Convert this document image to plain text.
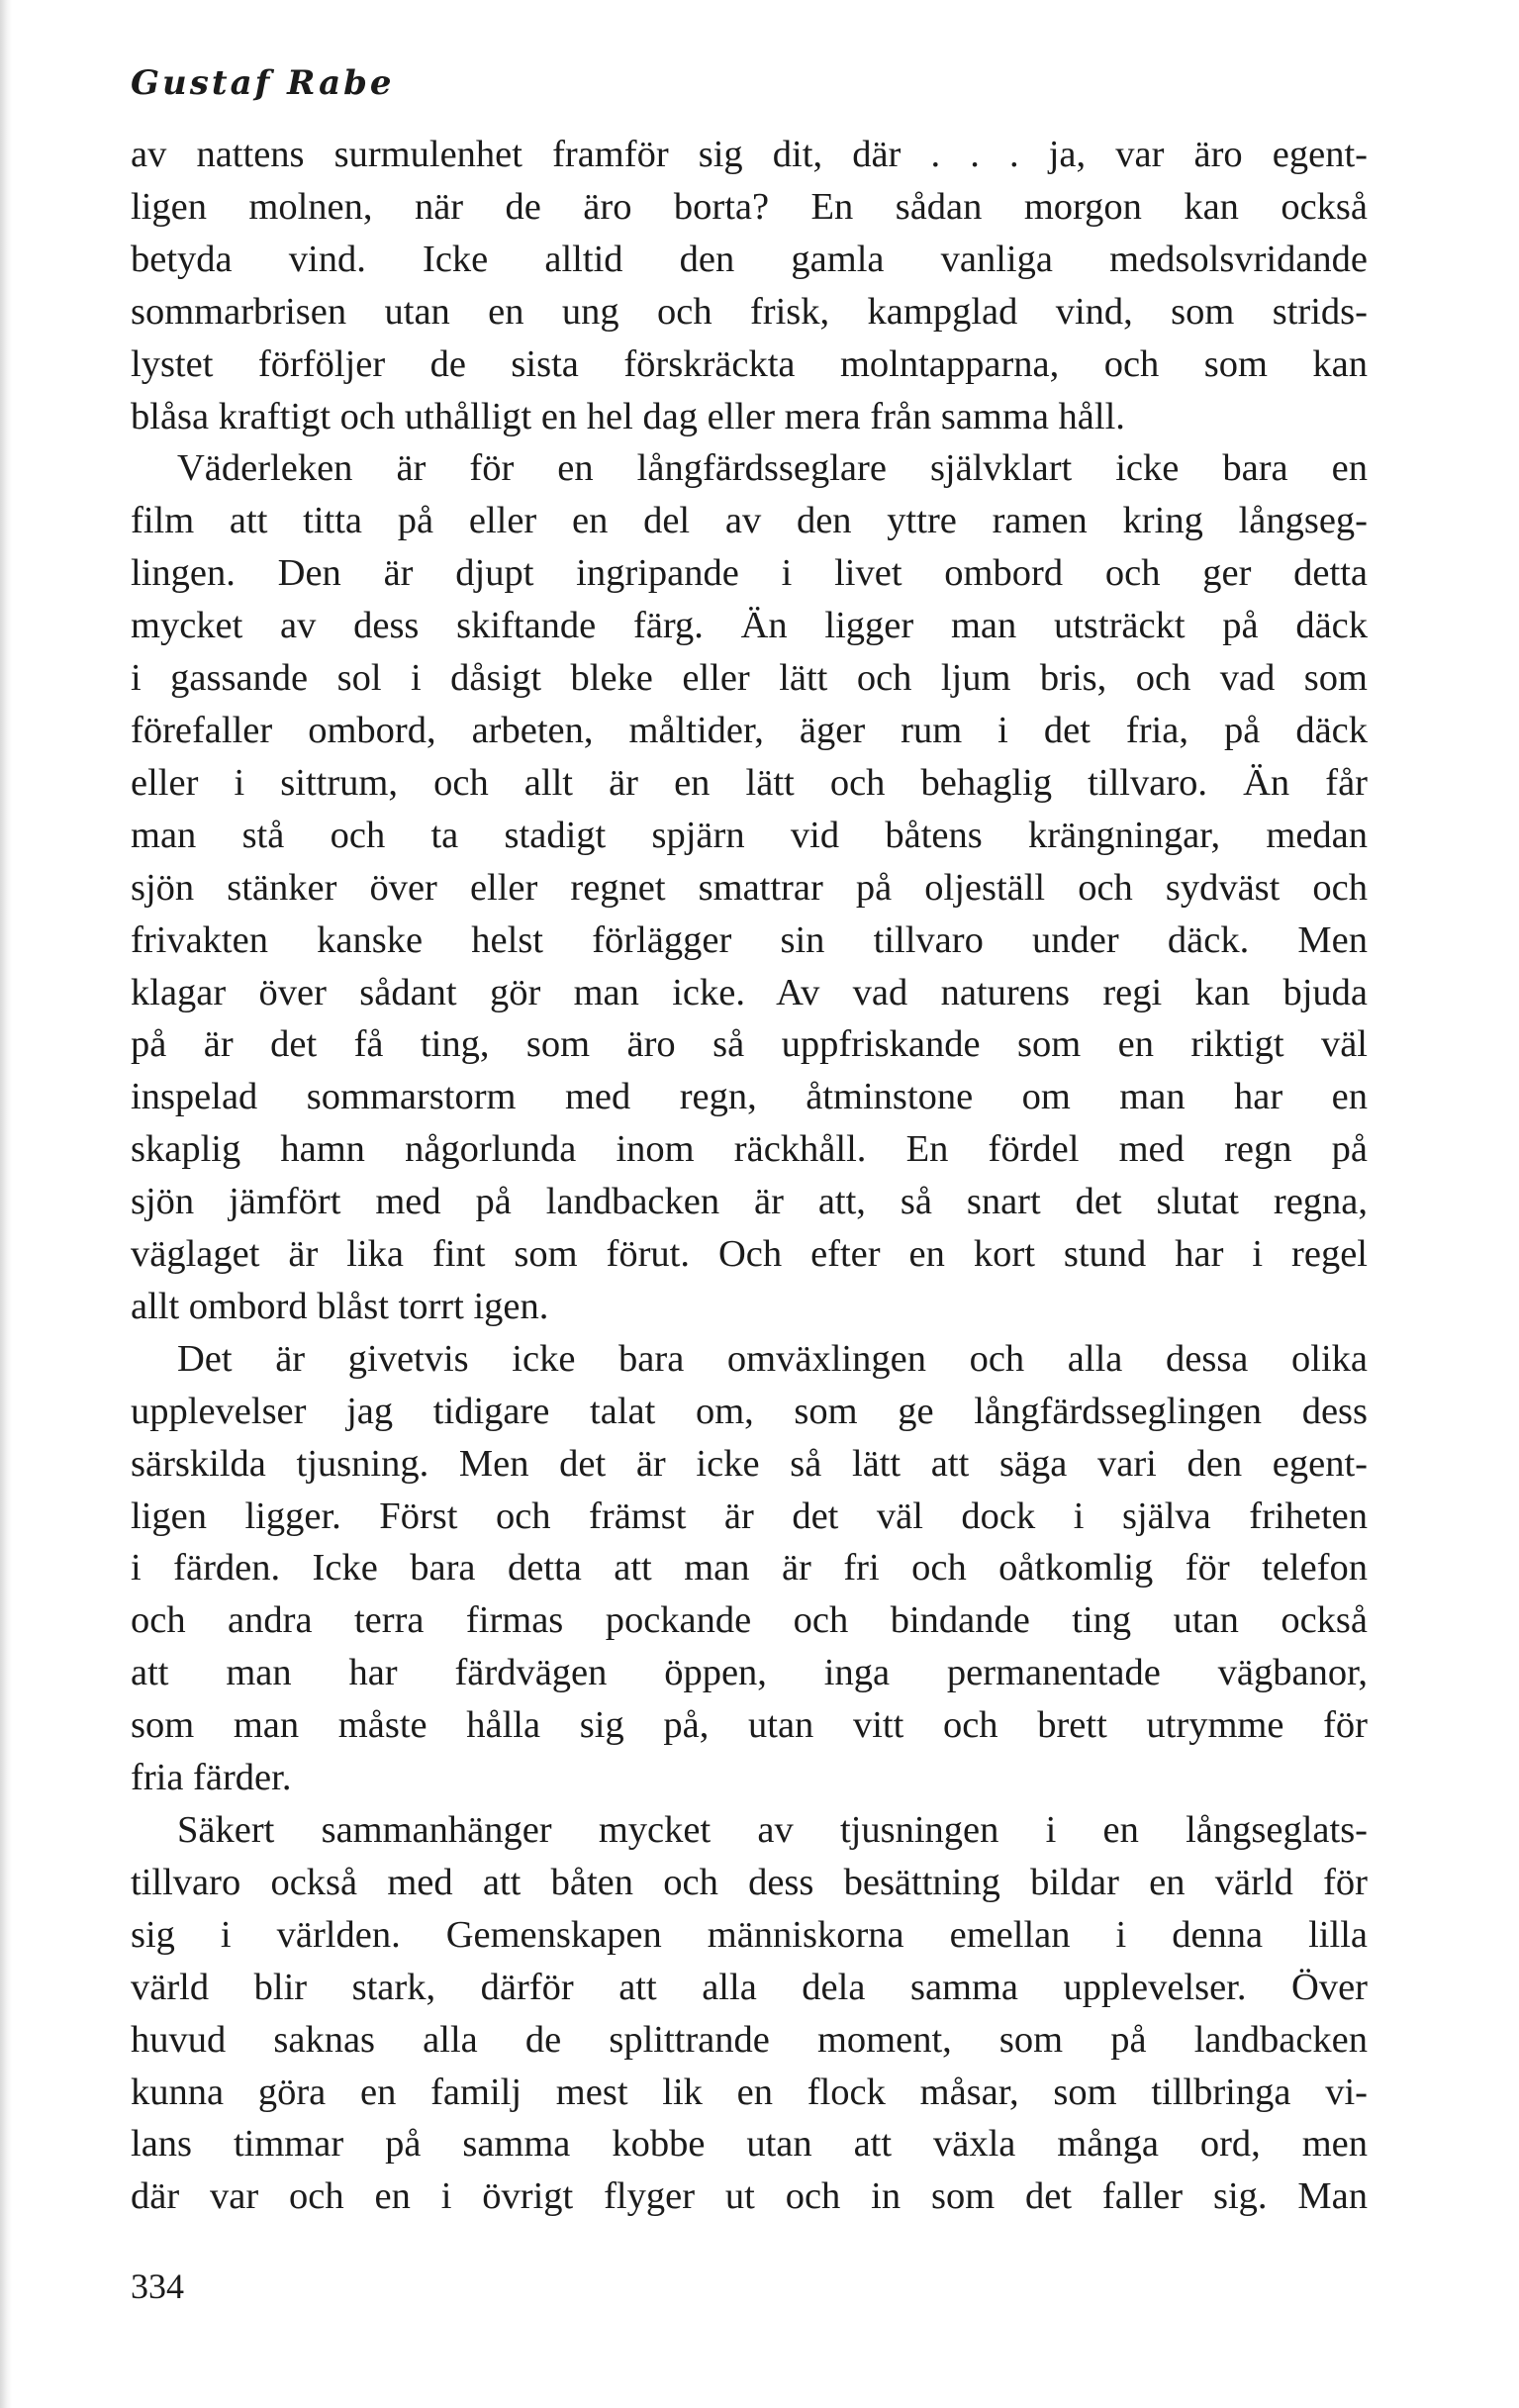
Gustaf Rabe

av nattens surmulenhet framför sig dit, där . . . ja, var äro egent-
ligen molnen, när de äro borta? En sådan morgon kan också
betyda vind. Icke alltid den gamla vanliga medsolsvridande
sommarbrisen utan en ung och frisk, kampglad vind, som strids-
lystet förföljer de sista förskräckta molntapparna, och som kan
blåsa kraftigt och uthålligt en hel dag eller mera från samma håll.

Väderleken är för en långfärdsseglare självklart icke bara en
film att titta på eller en del av den yttre ramen kring långseg-
lingen. Den är djupt ingripande i livet ombord och ger detta
mycket av dess skiftande färg. Än ligger man utsträckt på däck
i gassande sol i dåsigt bleke eller lätt och ljum bris, och vad som
förefaller ombord, arbeten, måltider, äger rum i det fria, på däck
eller i sittrum, och allt är en lätt och behaglig tillvaro. Än får
man stå och ta stadigt spjärn vid båtens krängningar, medan
sjön stänker över eller regnet smattrar på oljeställ och sydväst och
frivakten kanske helst förlägger sin tillvaro under däck. Men
klagar över sådant gör man icke. Av vad naturens regi kan bjuda
på är det få ting, som äro så uppfriskande som en riktigt väl
inspelad sommarstorm med regn, åtminstone om man har en
skaplig hamn någorlunda inom räckhåll. En fördel med regn på
sjön jämfört med på landbacken är att, så snart det slutat regna,
väglaget är lika fint som förut. Och efter en kort stund har i regel
allt ombord blåst torrt igen.

Det är givetvis icke bara omväxlingen och alla dessa olika
upplevelser jag tidigare talat om, som ge långfärdsseglingen dess
särskilda tjusning. Men det är icke så lätt att säga vari den egent-
ligen ligger. Först och främst är det väl dock i själva friheten
i färden. Icke bara detta att man är fri och oåtkomlig för telefon
och andra terra firmas pockande och bindande ting utan också
att man har färdvägen öppen, inga permanentade vägbanor,
som man måste hålla sig på, utan vitt och brett utrymme för
fria färder.

Säkert sammanhänger mycket av tjusningen i en långseglats-
tillvaro också med att båten och dess besättning bildar en värld för
sig i världen. Gemenskapen människorna emellan i denna lilla
värld blir stark, därför att alla dela samma upplevelser. Över
huvud saknas alla de splittrande moment, som på landbacken
kunna göra en familj mest lik en flock måsar, som tillbringa vi-
lans timmar på samma kobbe utan att växla många ord, men
där var och en i övrigt flyger ut och in som det faller sig. Man

334
